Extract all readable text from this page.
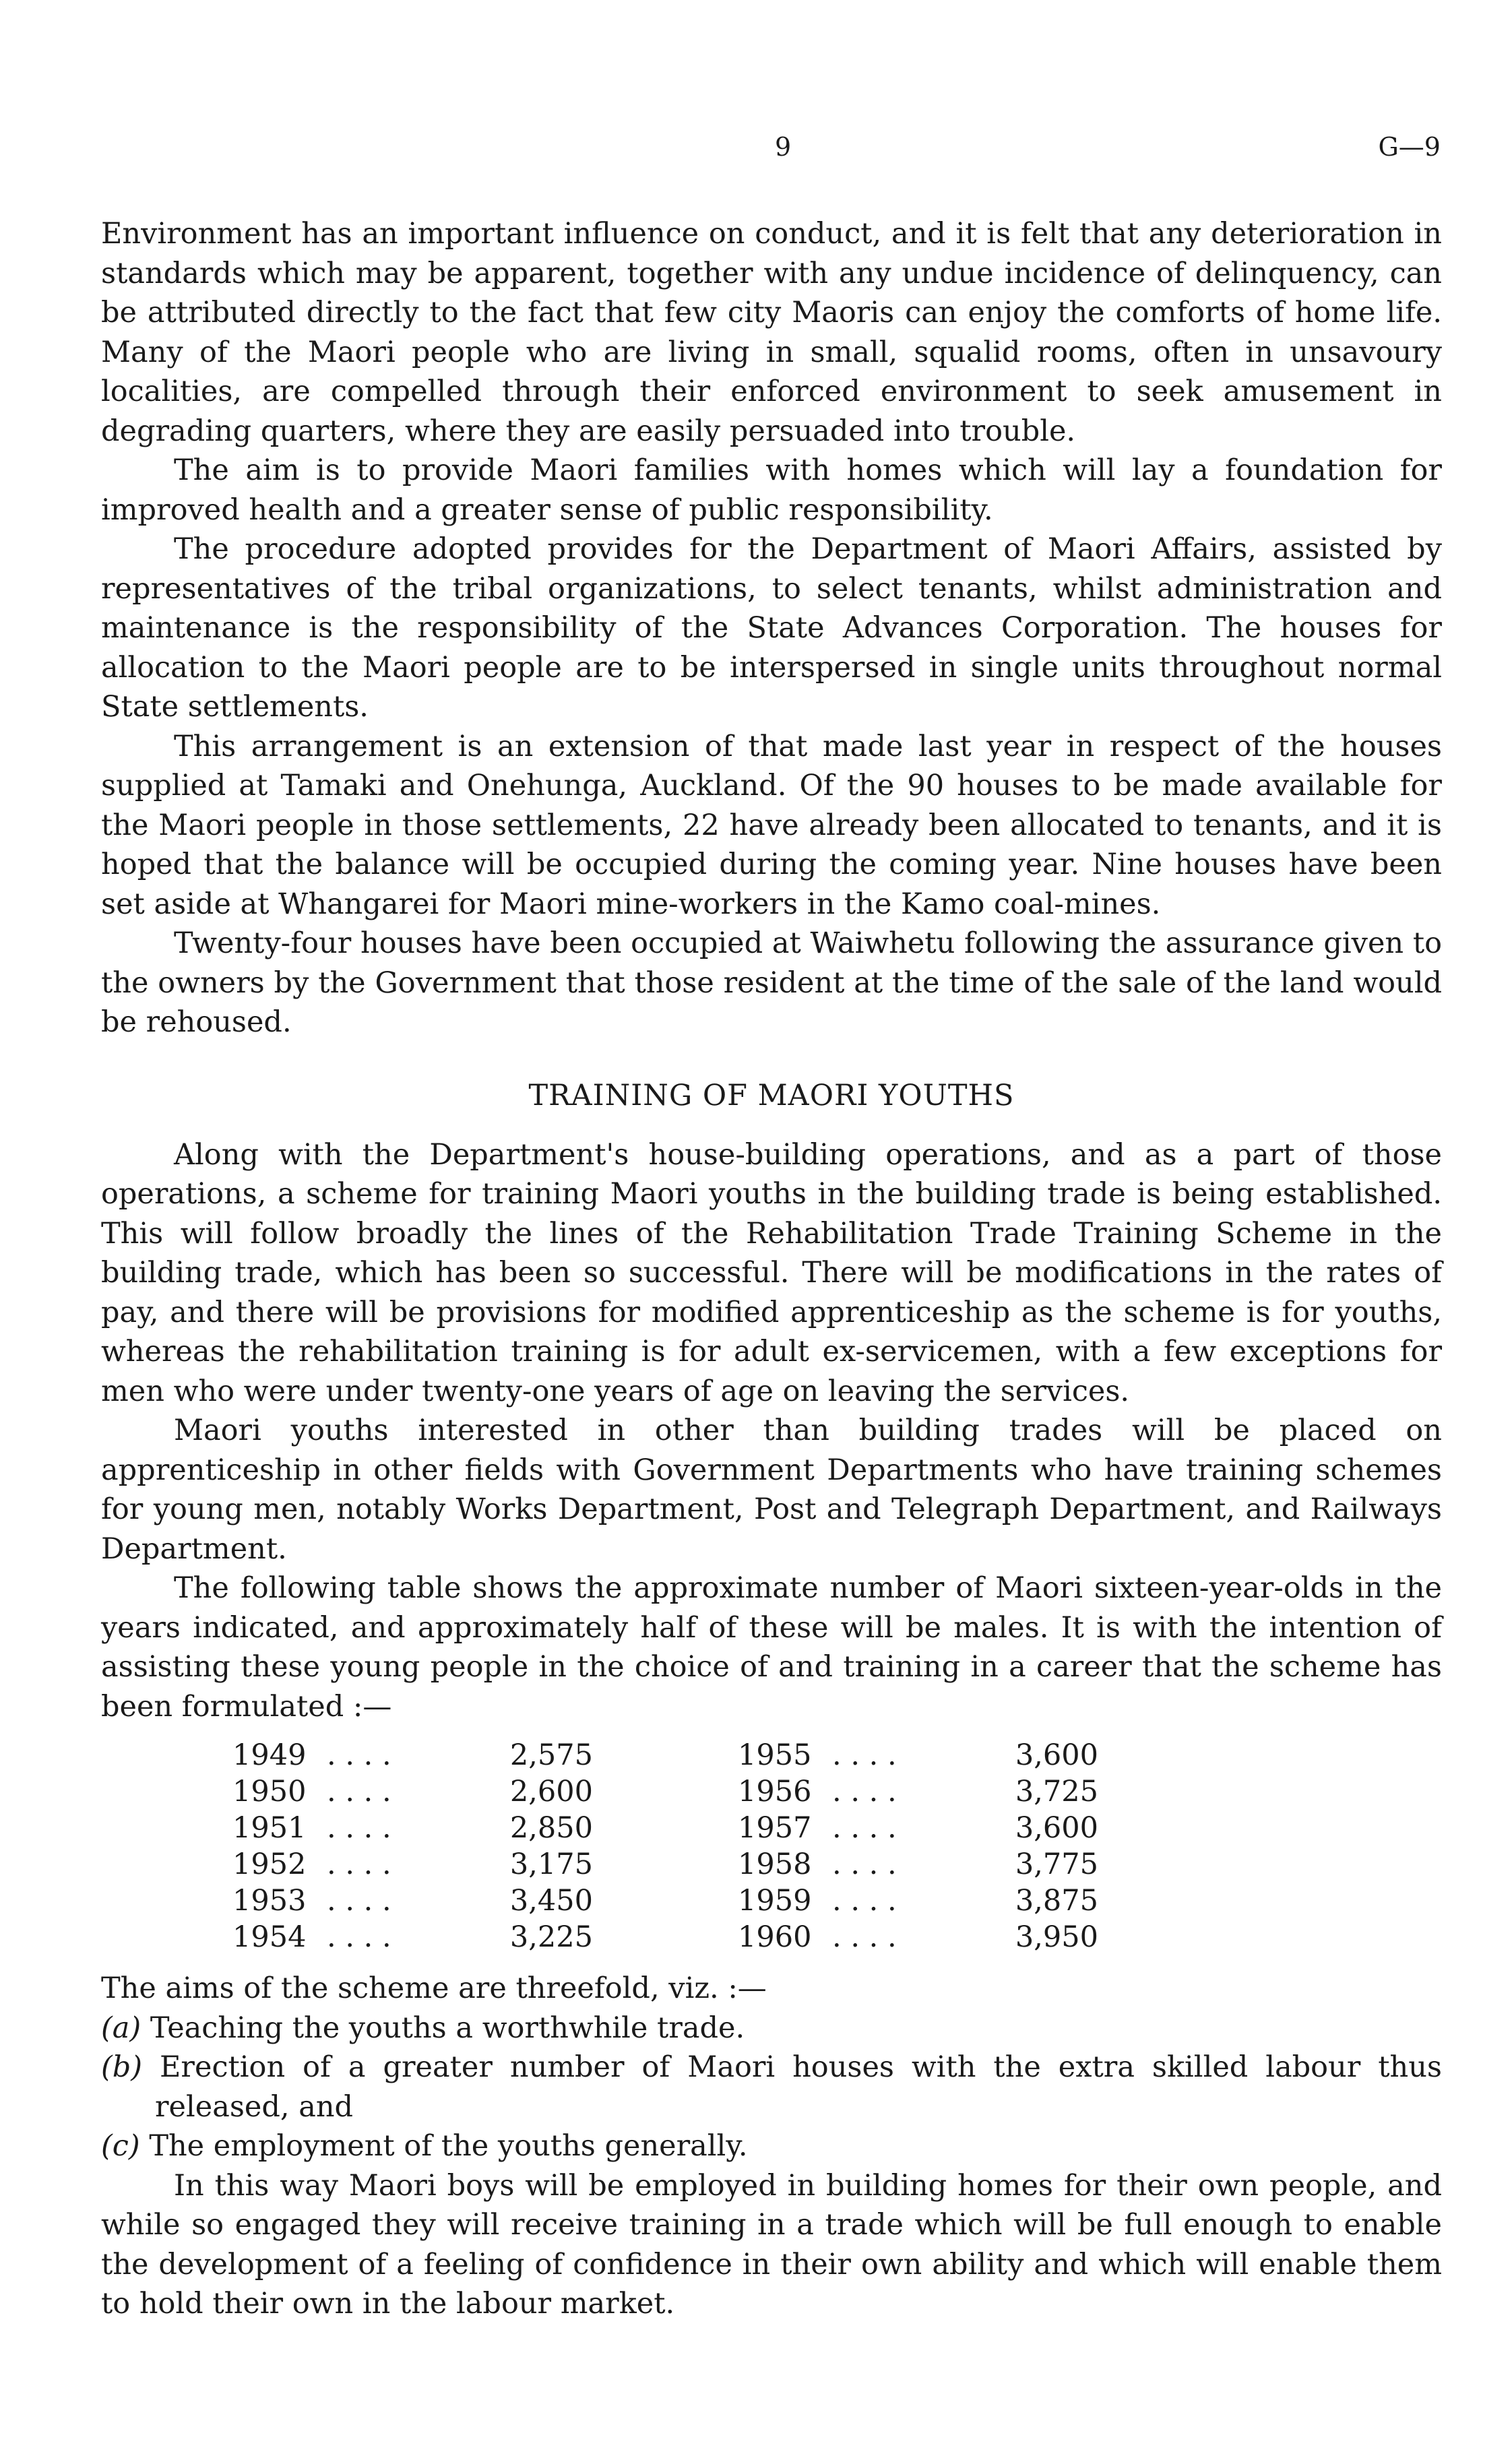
9	G—9

Environment has an important influence on conduct, and it is felt that any deterioration in standards which may be apparent, together with any undue incidence of delinquency, can be attributed directly to the fact that few city Maoris can enjoy the comforts of home life. Many of the Maori people who are living in small, squalid rooms, often in unsavoury localities, are compelled through their enforced environment to seek amusement in degrading quarters, where they are easily persuaded into trouble.

The aim is to provide Maori families with homes which will lay a foundation for improved health and a greater sense of public responsibility.

The procedure adopted provides for the Department of Maori Affairs, assisted by representatives of the tribal organizations, to select tenants, whilst administration and maintenance is the responsibility of the State Advances Corporation. The houses for allocation to the Maori people are to be interspersed in single units throughout normal State settlements.

This arrangement is an extension of that made last year in respect of the houses supplied at Tamaki and Onehunga, Auckland. Of the 90 houses to be made available for the Maori people in those settlements, 22 have already been allocated to tenants, and it is hoped that the balance will be occupied during the coming year. Nine houses have been set aside at Whangarei for Maori mine-workers in the Kamo coal-mines.

Twenty-four houses have been occupied at Waiwhetu following the assurance given to the owners by the Government that those resident at the time of the sale of the land would be rehoused.

TRAINING OF MAORI YOUTHS

Along with the Department's house-building operations, and as a part of those operations, a scheme for training Maori youths in the building trade is being established. This will follow broadly the lines of the Rehabilitation Trade Training Scheme in the building trade, which has been so successful. There will be modifications in the rates of pay, and there will be provisions for modified apprenticeship as the scheme is for youths, whereas the rehabilitation training is for adult ex-servicemen, with a few exceptions for men who were under twenty-one years of age on leaving the services.

Maori youths interested in other than building trades will be placed on apprenticeship in other fields with Government Departments who have training schemes for young men, notably Works Department, Post and Telegraph Department, and Railways Department.

The following table shows the approximate number of Maori sixteen-year-olds in the years indicated, and approximately half of these will be males. It is with the intention of assisting these young people in the choice of and training in a career that the scheme has been formulated :—

1949	. . . .	2,575		1955	. . . .	3,600
1950	. . . .	2,600		1956	. . . .	3,725
1951	. . . .	2,850		1957	. . . .	3,600
1952	. . . .	3,175		1958	. . . .	3,775
1953	. . . .	3,450		1959	. . . .	3,875
1954	. . . .	3,225		1960	. . . .	3,950

The aims of the scheme are threefold, viz. :—

(a) Teaching the youths a worthwhile trade.

(b) Erection of a greater number of Maori houses with the extra skilled labour thus released, and

(c) The employment of the youths generally.

In this way Maori boys will be employed in building homes for their own people, and while so engaged they will receive training in a trade which will be full enough to enable the development of a feeling of confidence in their own ability and which will enable them to hold their own in the labour market.
